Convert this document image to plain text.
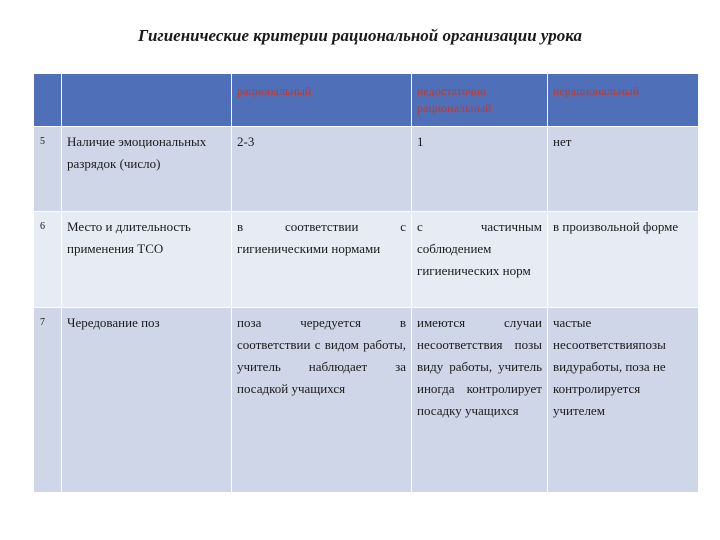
Гигиенические критерии рациональной организации урока
		рациональный	недостаточно рациональный	нерациональный
5	Наличие эмоциональных разрядок (число)	2-3	1	нет
6	Место и длительность применения ТСО	в соответствии с гигиеническими нормами	с частичным соблюдением гигиенических норм	в произвольной форме
7	Чередование поз	поза чередуется в соответствии с видом работы, учитель наблюдает за посадкой учащихся	имеются случаи несоответствия позы виду работы, учитель иногда контролирует посадку учащихся	частые несоответствияпозы видуработы, поза не контролируется учителем
